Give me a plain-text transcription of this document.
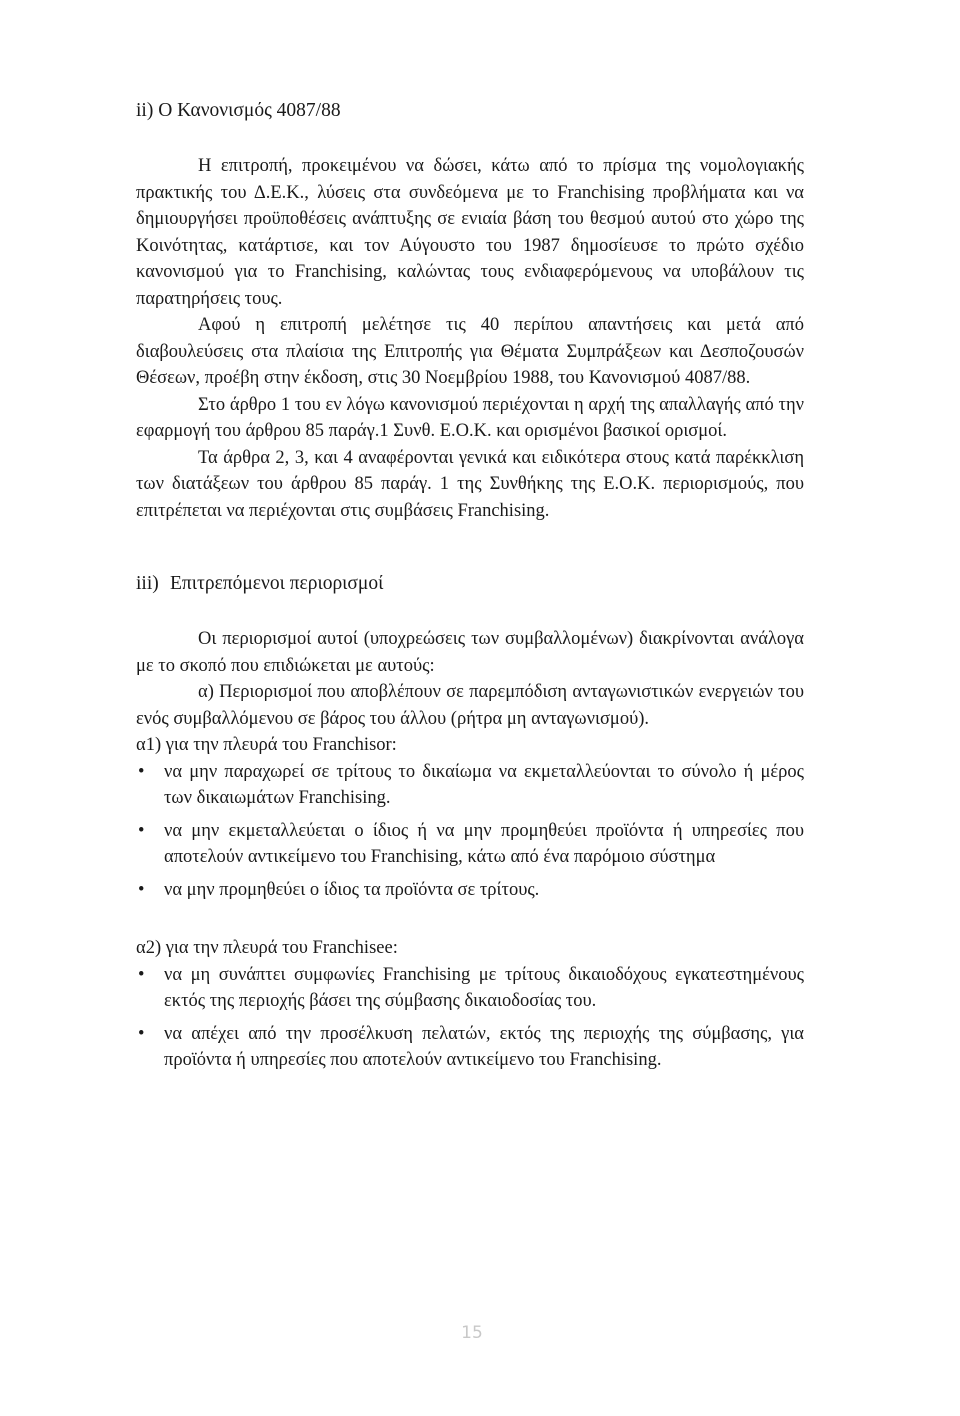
ii) Ο Κανονισμός 4087/88

Η επιτροπή, προκειμένου να δώσει, κάτω από το πρίσμα της νομολογιακής πρακτικής του Δ.Ε.Κ., λύσεις στα συνδεόμενα με το Franchising προβλήματα και να δημιουργήσει προϋποθέσεις ανάπτυξης σε ενιαία βάση του θεσμού αυτού στο χώρο της Κοινότητας, κατάρτισε, και τον Αύγουστο του 1987 δημοσίευσε το πρώτο σχέδιο κανονισμού για το Franchising, καλώντας τους ενδιαφερόμενους να υποβάλουν τις παρατηρήσεις τους.

Αφού η επιτροπή μελέτησε τις 40 περίπου απαντήσεις και μετά από διαβουλεύσεις στα πλαίσια της Επιτροπής για Θέματα Συμπράξεων και Δεσποζουσών Θέσεων, προέβη στην έκδοση, στις 30 Νοεμβρίου 1988, του Κανονισμού 4087/88.

Στο άρθρο 1 του εν λόγω κανονισμού περιέχονται η αρχή της απαλλαγής από την εφαρμογή του άρθρου 85 παράγ.1 Συνθ. Ε.Ο.Κ. και ορισμένοι βασικοί ορισμοί.

Τα άρθρα 2, 3, και 4 αναφέρονται γενικά και ειδικότερα στους κατά παρέκκλιση των διατάξεων του άρθρου 85 παράγ. 1 της Συνθήκης της Ε.Ο.Κ. περιορισμούς, που επιτρέπεται να περιέχονται στις συμβάσεις Franchising.

iii) Επιτρεπόμενοι περιορισμοί

Οι περιορισμοί αυτοί (υποχρεώσεις των συμβαλλομένων) διακρίνονται ανάλογα με το σκοπό που επιδιώκεται με αυτούς:

α) Περιορισμοί που αποβλέπουν σε παρεμπόδιση ανταγωνιστικών ενεργειών του ενός συμβαλλόμενου σε βάρος του άλλου (ρήτρα μη ανταγωνισμού).

α1) για την πλευρά του Franchisor:

• να μην παραχωρεί σε τρίτους το δικαίωμα να εκμεταλλεύονται το σύνολο ή μέρος των δικαιωμάτων Franchising.
• να μην εκμεταλλεύεται ο ίδιος ή να μην προμηθεύει προϊόντα ή υπηρεσίες που αποτελούν αντικείμενο του Franchising, κάτω από ένα παρόμοιο σύστημα
• να μην προμηθεύει ο ίδιος τα προϊόντα σε τρίτους.

α2) για την πλευρά του Franchisee:

• να μη συνάπτει συμφωνίες Franchising με τρίτους δικαιοδόχους εγκατεστημένους εκτός της περιοχής βάσει της σύμβασης δικαιοδοσίας του.
• να απέχει από την προσέλκυση πελατών, εκτός της περιοχής της σύμβασης, για προϊόντα ή υπηρεσίες που αποτελούν αντικείμενο του Franchising.
15
